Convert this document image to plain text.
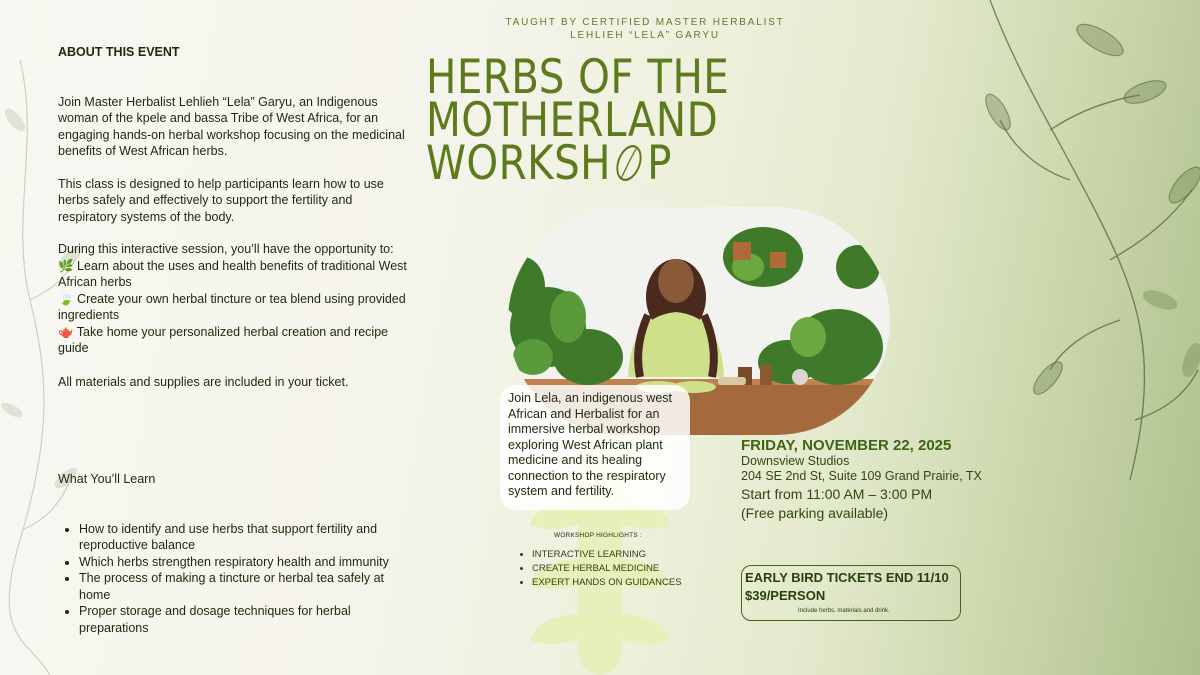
ABOUT THIS EVENT

Join Master Herbalist Lehlieh “Lela” Garyu, an Indigenous woman of the kpele and bassa Tribe of West Africa, for an engaging hands-on herbal workshop focusing on the medicinal benefits of West African herbs.

This class is designed to help participants learn how to use herbs safely and effectively to support the fertility and respiratory systems of the body.

During this interactive session, you’ll have the opportunity to:
🌿 Learn about the uses and health benefits of traditional West African herbs
🍃 Create your own herbal tincture or tea blend using provided ingredients
🫖 Take home your personalized herbal creation and recipe guide

All materials and supplies are included in your ticket.

What You’ll Learn
• How to identify and use herbs that support fertility and reproductive balance
• Which herbs strengthen respiratory health and immunity
• The process of making a tincture or herbal tea safely at home
• Proper storage and dosage techniques for herbal preparations
TAUGHT BY CERTIFIED MASTER HERBALIST
LEHLIEH “LELA” GARYU
HERBS OF THE
MOTHERLAND
WORKSH P
Join Lela, an indigenous west African and Herbalist for an immersive herbal workshop exploring West African plant medicine and its healing connection to the respiratory system and fertility.
WORKSHOP HIGHLIGHTS :
• INTERACTIVE LEARNING
• CREATE HERBAL MEDICINE
• EXPERT HANDS ON GUIDANCES
FRIDAY, NOVEMBER 22, 2025
Downsview Studios
204 SE 2nd St, Suite 109 Grand Prairie, TX
Start from 11:00 AM – 3:00 PM
(Free parking available)
EARLY BIRD TICKETS END 11/10
$39/PERSON
Include herbs, materials and drink.
